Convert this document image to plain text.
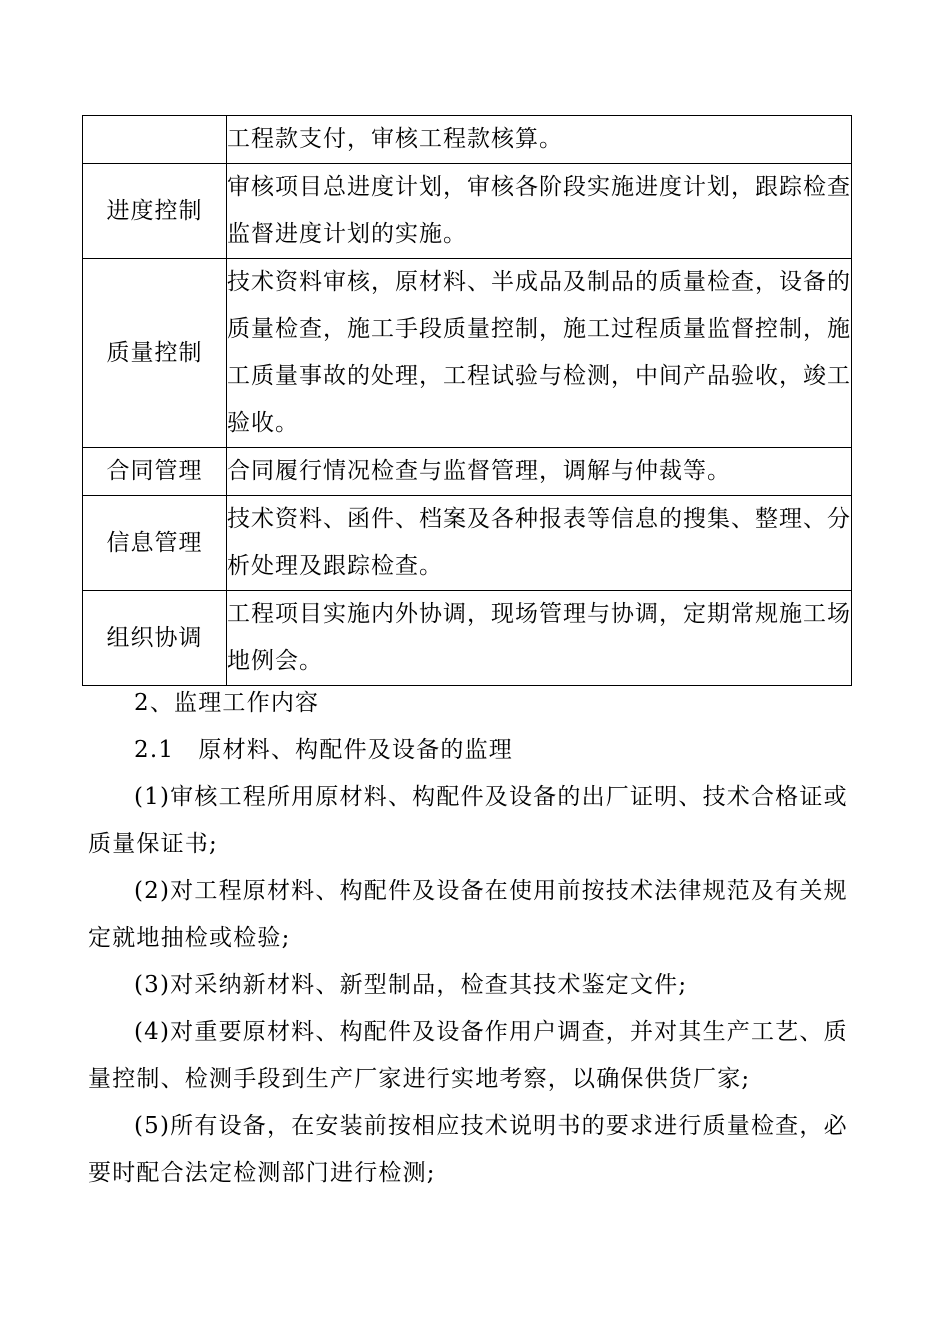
	工程款支付，审核工程款核算。
进度控制	审核项目总进度计划，审核各阶段实施进度计划，跟踪检查监督进度计划的实施。
质量控制	技术资料审核，原材料、半成品及制品的质量检查，设备的质量检查，施工手段质量控制，施工过程质量监督控制，施工质量事故的处理，工程试验与检测，中间产品验收，竣工验收。
合同管理	合同履行情况检查与监督管理，调解与仲裁等。
信息管理	技术资料、函件、档案及各种报表等信息的搜集、整理、分析处理及跟踪检查。
组织协调	工程项目实施内外协调，现场管理与协调，定期常规施工场地例会。

2、监理工作内容

2.1　原材料、构配件及设备的监理

(1)审核工程所用原材料、构配件及设备的出厂证明、技术合格证或质量保证书;

(2)对工程原材料、构配件及设备在使用前按技术法律规范及有关规定就地抽检或检验;

(3)对采纳新材料、新型制品，检查其技术鉴定文件;

(4)对重要原材料、构配件及设备作用户调查，并对其生产工艺、质量控制、检测手段到生产厂家进行实地考察，以确保供货厂家;

(5)所有设备，在安装前按相应技术说明书的要求进行质量检查，必要时配合法定检测部门进行检测;
